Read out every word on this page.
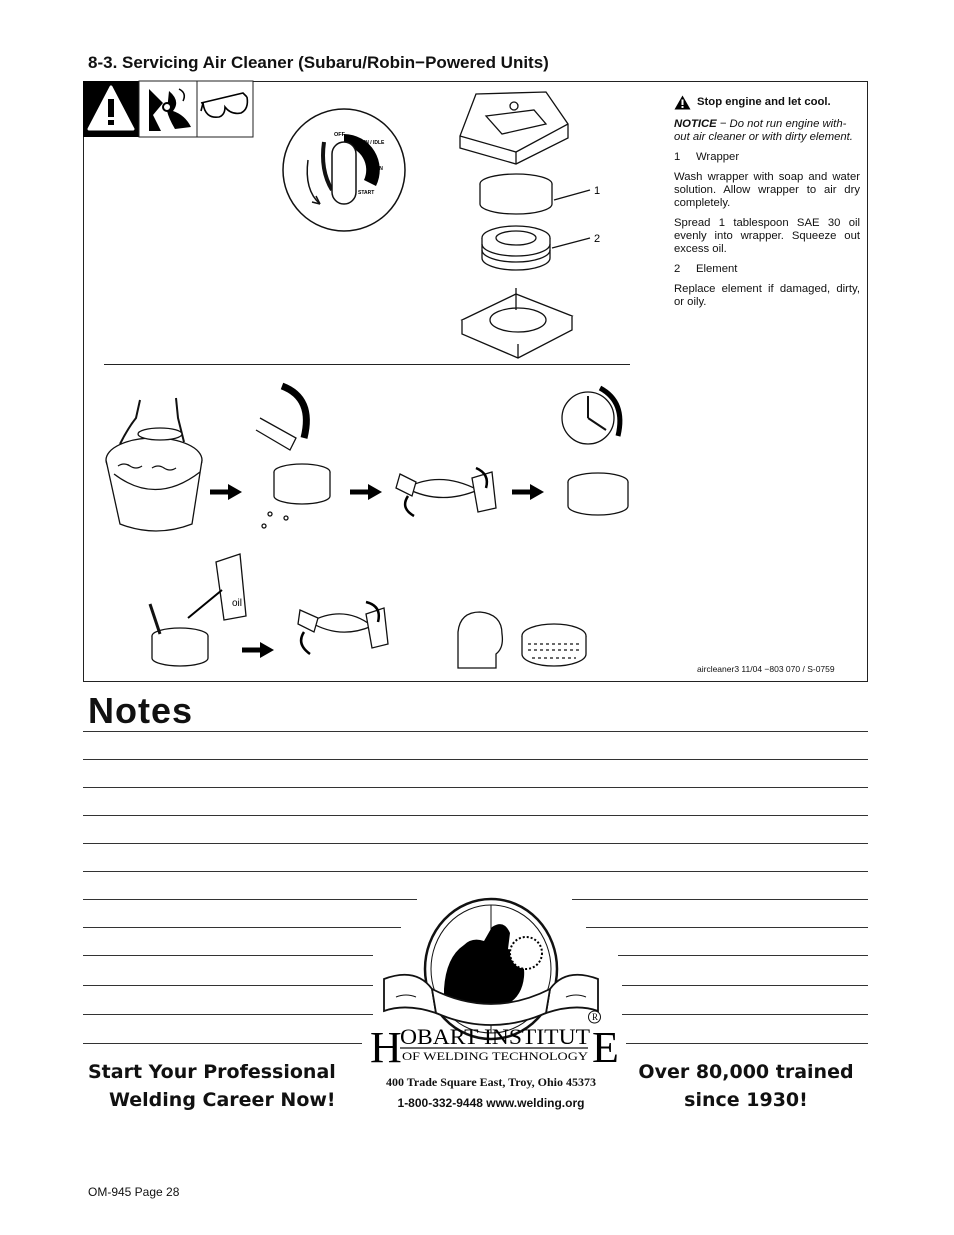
8-3. Servicing Air Cleaner (Subaru/Robin−Powered Units)
OFF
RUN / IDLE
RUN
START	1
2
Stop engine and let cool.

NOTICE − Do not run engine with-out air cleaner or with dirty element.

1     Wrapper

Wash wrapper with soap and water solution. Allow wrapper to air dry completely.

Spread 1 tablespoon SAE 30 oil evenly into wrapper. Squeeze out excess oil.

2     Element

Replace element if damaged, dirty, or oily.

oil
aircleaner3 11/04 −803 070 / S-0759
Notes
R
H
OBART INSTITUT E
OF WELDING TECHNOLOGY
Start Your Professional
Welding Career Now!
Over 80,000 trained
since 1930!
400 Trade Square East, Troy, Ohio 45373
1-800-332-9448 www.welding.org
OM-945 Page 28
